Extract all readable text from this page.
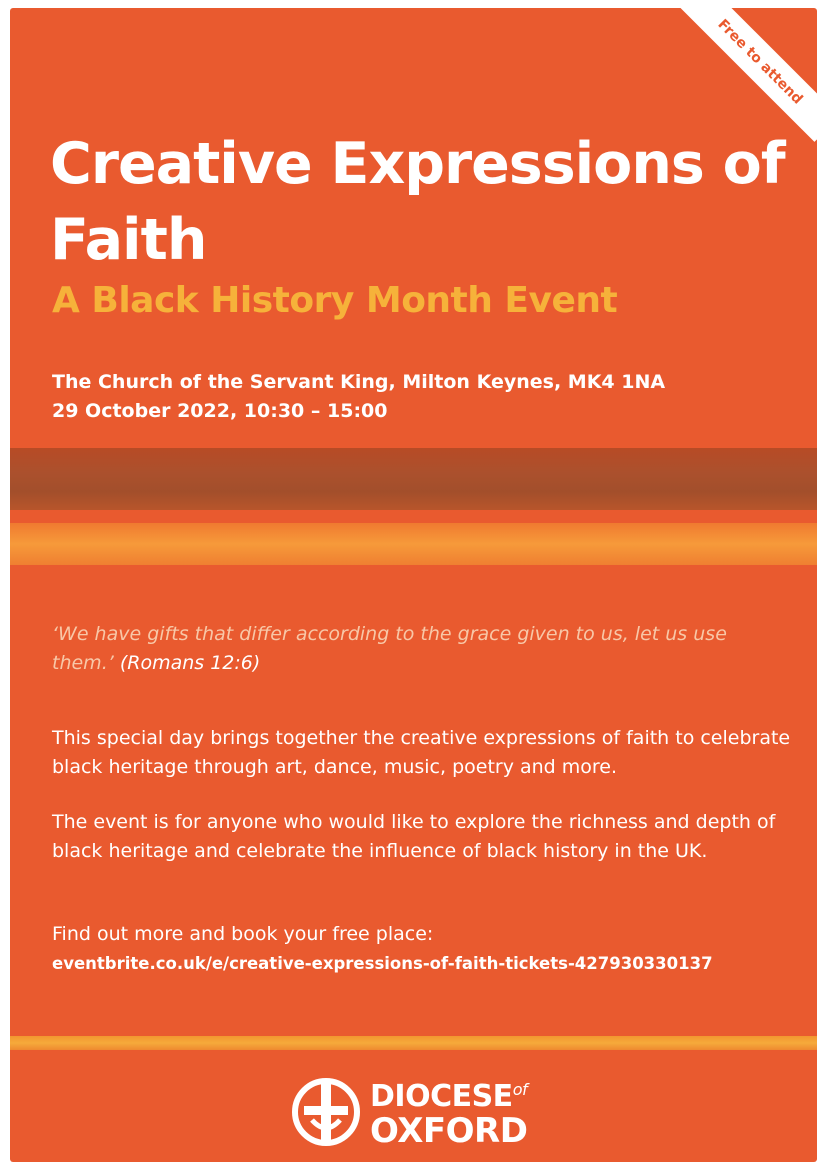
Free to attend
Creative Expressions of Faith
A Black History Month Event
The Church of the Servant King, Milton Keynes, MK4 1NA
29 October 2022, 10:30 – 15:00
‘We have gifts that differ according to the grace given to us, let us use them.’ (Romans 12:6)
This special day brings together the creative expressions of faith to celebrate black heritage through art, dance, music, poetry and more.
The event is for anyone who would like to explore the richness and depth of black heritage and celebrate the influence of black history in the UK.
Find out more and book your free place:
eventbrite.co.uk/e/creative-expressions-of-faith-tickets-427930330137
$DIOCESE^{of}$
OXFORD
